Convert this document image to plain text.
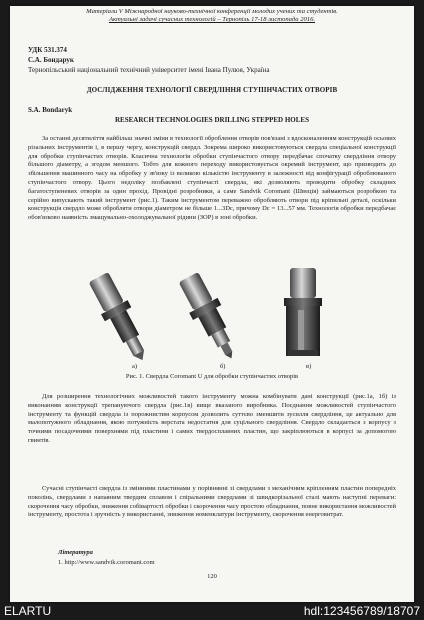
Матеріали V Міжнародної науково-технічної конференції молодих учених та студентів.
Актуальні задачі сучасних технологій – Тернопіль 17-18 листопада 2016.
УДК 531.374
С.А. Бондарук
Тернопільський національний технічний університет імені Івана Пулюя, Україна
ДОСЛІДЖЕННЯ ТЕХНОЛОГІЇ СВЕРДЛІННЯ СТУПІНЧАСТИХ ОТВОРІВ
S.A. Bondaryk
RESEARCH TECHNOLOGIES DRILLING STEPPED HOLES
За останні десятиліття найбільш значні зміни в технології оброблення отворів пов'язані з вдосконаленням конструкцій осьових різальних інструментів і, в першу чергу, конструкцій свердл. Зокрема широко використовуються свердла спеціальної конструкції для обробки ступінчастих отворів. Класична технологія обробки ступінчастого отвору передбачає спочатку свердління отвору більшого діаметру, а згодом меншого. Тобто для кожного переходу використовується окремий інструмент, що призводить до збільшення машинного часу на обробку у зв'язку із великою кількістю інструменту в залежності від конфігурації оброблюваного ступінчастого отвору. Цього недоліку позбавлені ступінчасті свердла, які дозволяють проводити обробку складних багатоступеневих отворів за один прохід. Провідні розробники, а саме Sandvik Coromant (Швеція) займаються розробкою та серійно випускають такий інструмент (рис.1). Таким інструментом переважно обробляють отвори під кріпильні деталі, оскільки конструкція свердло може обробляти отвори діаметром не більше 1...3Dc, причому Dc = 13...57 мм. Технологія обробки передбачає обов'язково наявність змащувально-охолоджувальної рідини (ЗОР) в зоні обробки.
а)	б)	в)
Рис. 1. Свердла Coromant U для обробки ступінчастих отворів
Для розширення технологічних можливостей такого інструменту можна комбінувати дані конструкції (рис.1а, 1б) із виконанням конструкції трепануючого свердла (рис.1в) вище вказаного виробника. Поєднання можливостей ступінчастого інструменту та функцій свердла із порожнистим корпусом дозволить суттєво зменшити зусилля свердління, це актуально для малопотужного обладнання, якою потужність верстата недостатня для суцільного свердління. Свердло складається з корпусу з точними посадочними поверхнями під пластини і самих твердосплавних пластин, що закріплюються в корпусі за допомогою гвинтів.
Сучасні ступінчасті свердла із змінними пластинами у порівнянні зі свердлами з механічним кріпленням пластин попередніх поколінь, свердлами з напаяним твердим сплавом і спіральними свердлами зі швидкорізальної сталі мають наступні переваги: скорочення часу обробки, зниження собівартості обробки і скорочення часу простою обладнання, повне використання можливостей інструменту, простота і зручність у використанні, зниження номенклатури інструменту, скорочення енерговитрат.
Література
1. http://www.sandvik.coromant.com
120
ELARTU	hdl:123456789/18707
